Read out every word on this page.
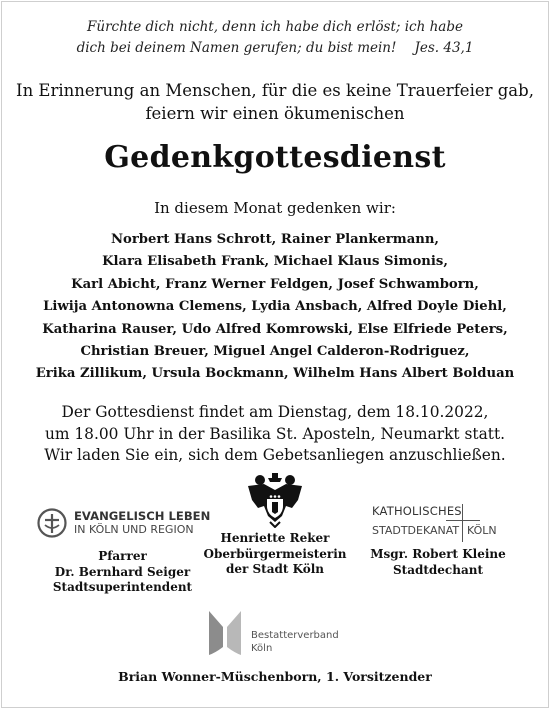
Fürchte dich nicht, denn ich habe dich erlöst; ich habe
dich bei deinem Namen gerufen; du bist mein! Jes. 43,1
In Erinnerung an Menschen, für die es keine Trauerfeier gab,
feiern wir einen ökumenischen
Gedenkgottesdienst
In diesem Monat gedenken wir:
Norbert Hans Schrott, Rainer Plankermann,
Klara Elisabeth Frank, Michael Klaus Simonis,
Karl Abicht, Franz Werner Feldgen, Josef Schwamborn,
Liwija Antonowna Clemens, Lydia Ansbach, Alfred Doyle Diehl,
Katharina Rauser, Udo Alfred Komrowski, Else Elfriede Peters,
Christian Breuer, Miguel Angel Calderon-Rodriguez,
Erika Zillikum, Ursula Bockmann, Wilhelm Hans Albert Bolduan
Der Gottesdienst findet am Dienstag, dem 18.10.2022,
um 18.00 Uhr in der Basilika St. Aposteln, Neumarkt statt.
Wir laden Sie ein, sich dem Gebetsanliegen anzuschließen.
EVANGELISCH LEBEN
IN KÖLN UND REGION
Pfarrer
Dr. Bernhard Seiger
Stadtsuperintendent
Henriette Reker
Oberbürgermeisterin
der Stadt Köln
KATHOLISCHES
STADTDEKANAT KÖLN
Msgr. Robert Kleine
Stadtdechant
Bestatterverband
Köln
Brian Wonner-Müschenborn, 1. Vorsitzender
